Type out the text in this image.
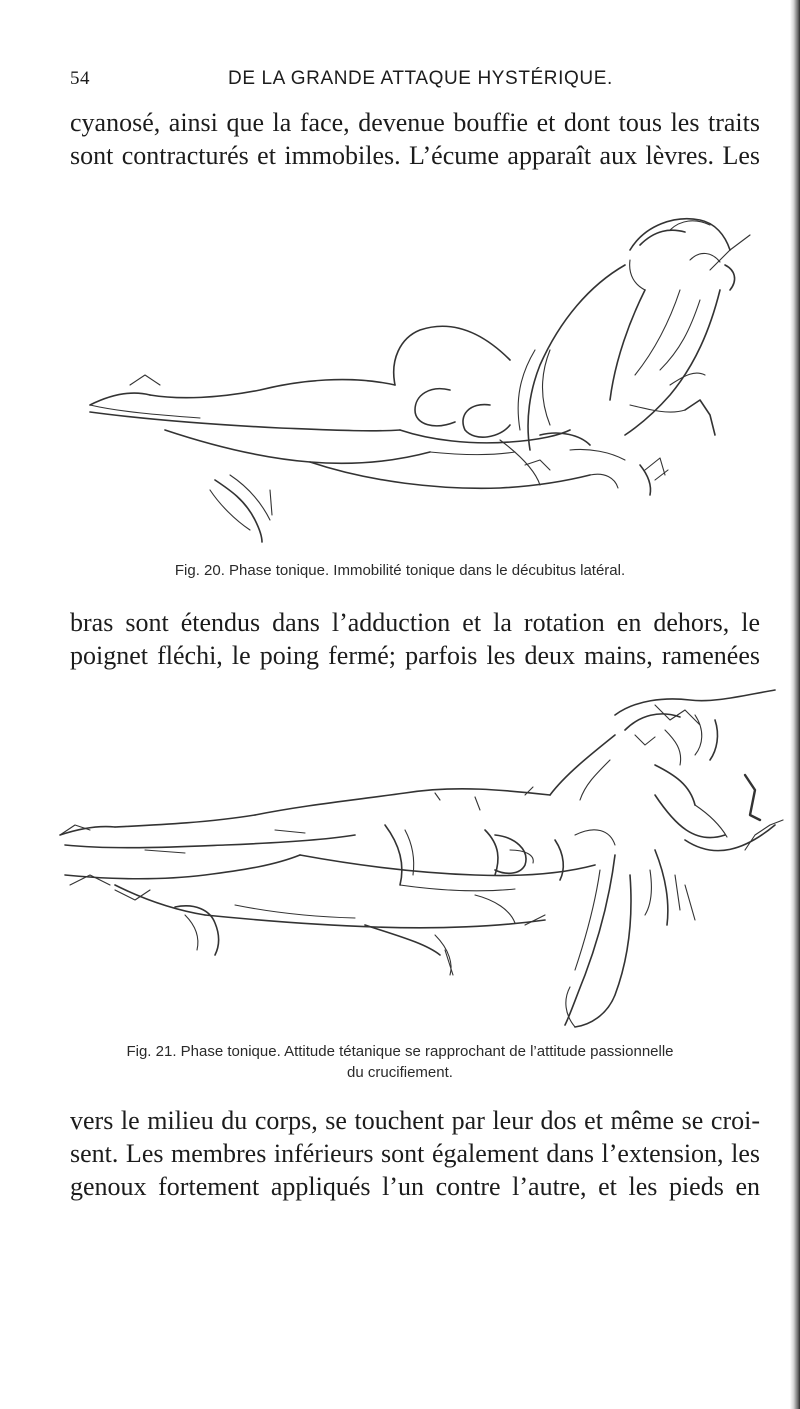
54	DE LA GRANDE ATTAQUE HYSTÉRIQUE.
cyanosé, ainsi que la face, devenue bouffie et dont tous les traits
sont contracturés et immobiles. L’écume apparaît aux lèvres. Les
Fig. 20. Phase tonique. Immobilité tonique dans le décubitus latéral.
bras sont étendus dans l’adduction et la rotation en dehors, le
poignet fléchi, le poing fermé; parfois les deux mains, ramenées
Fig. 21. Phase tonique. Attitude tétanique se rapprochant de l’attitude passionnelle
du crucifiement.
vers le milieu du corps, se touchent par leur dos et même se croi-
sent. Les membres inférieurs sont également dans l’extension, les
genoux fortement appliqués l’un contre l’autre, et les pieds en
